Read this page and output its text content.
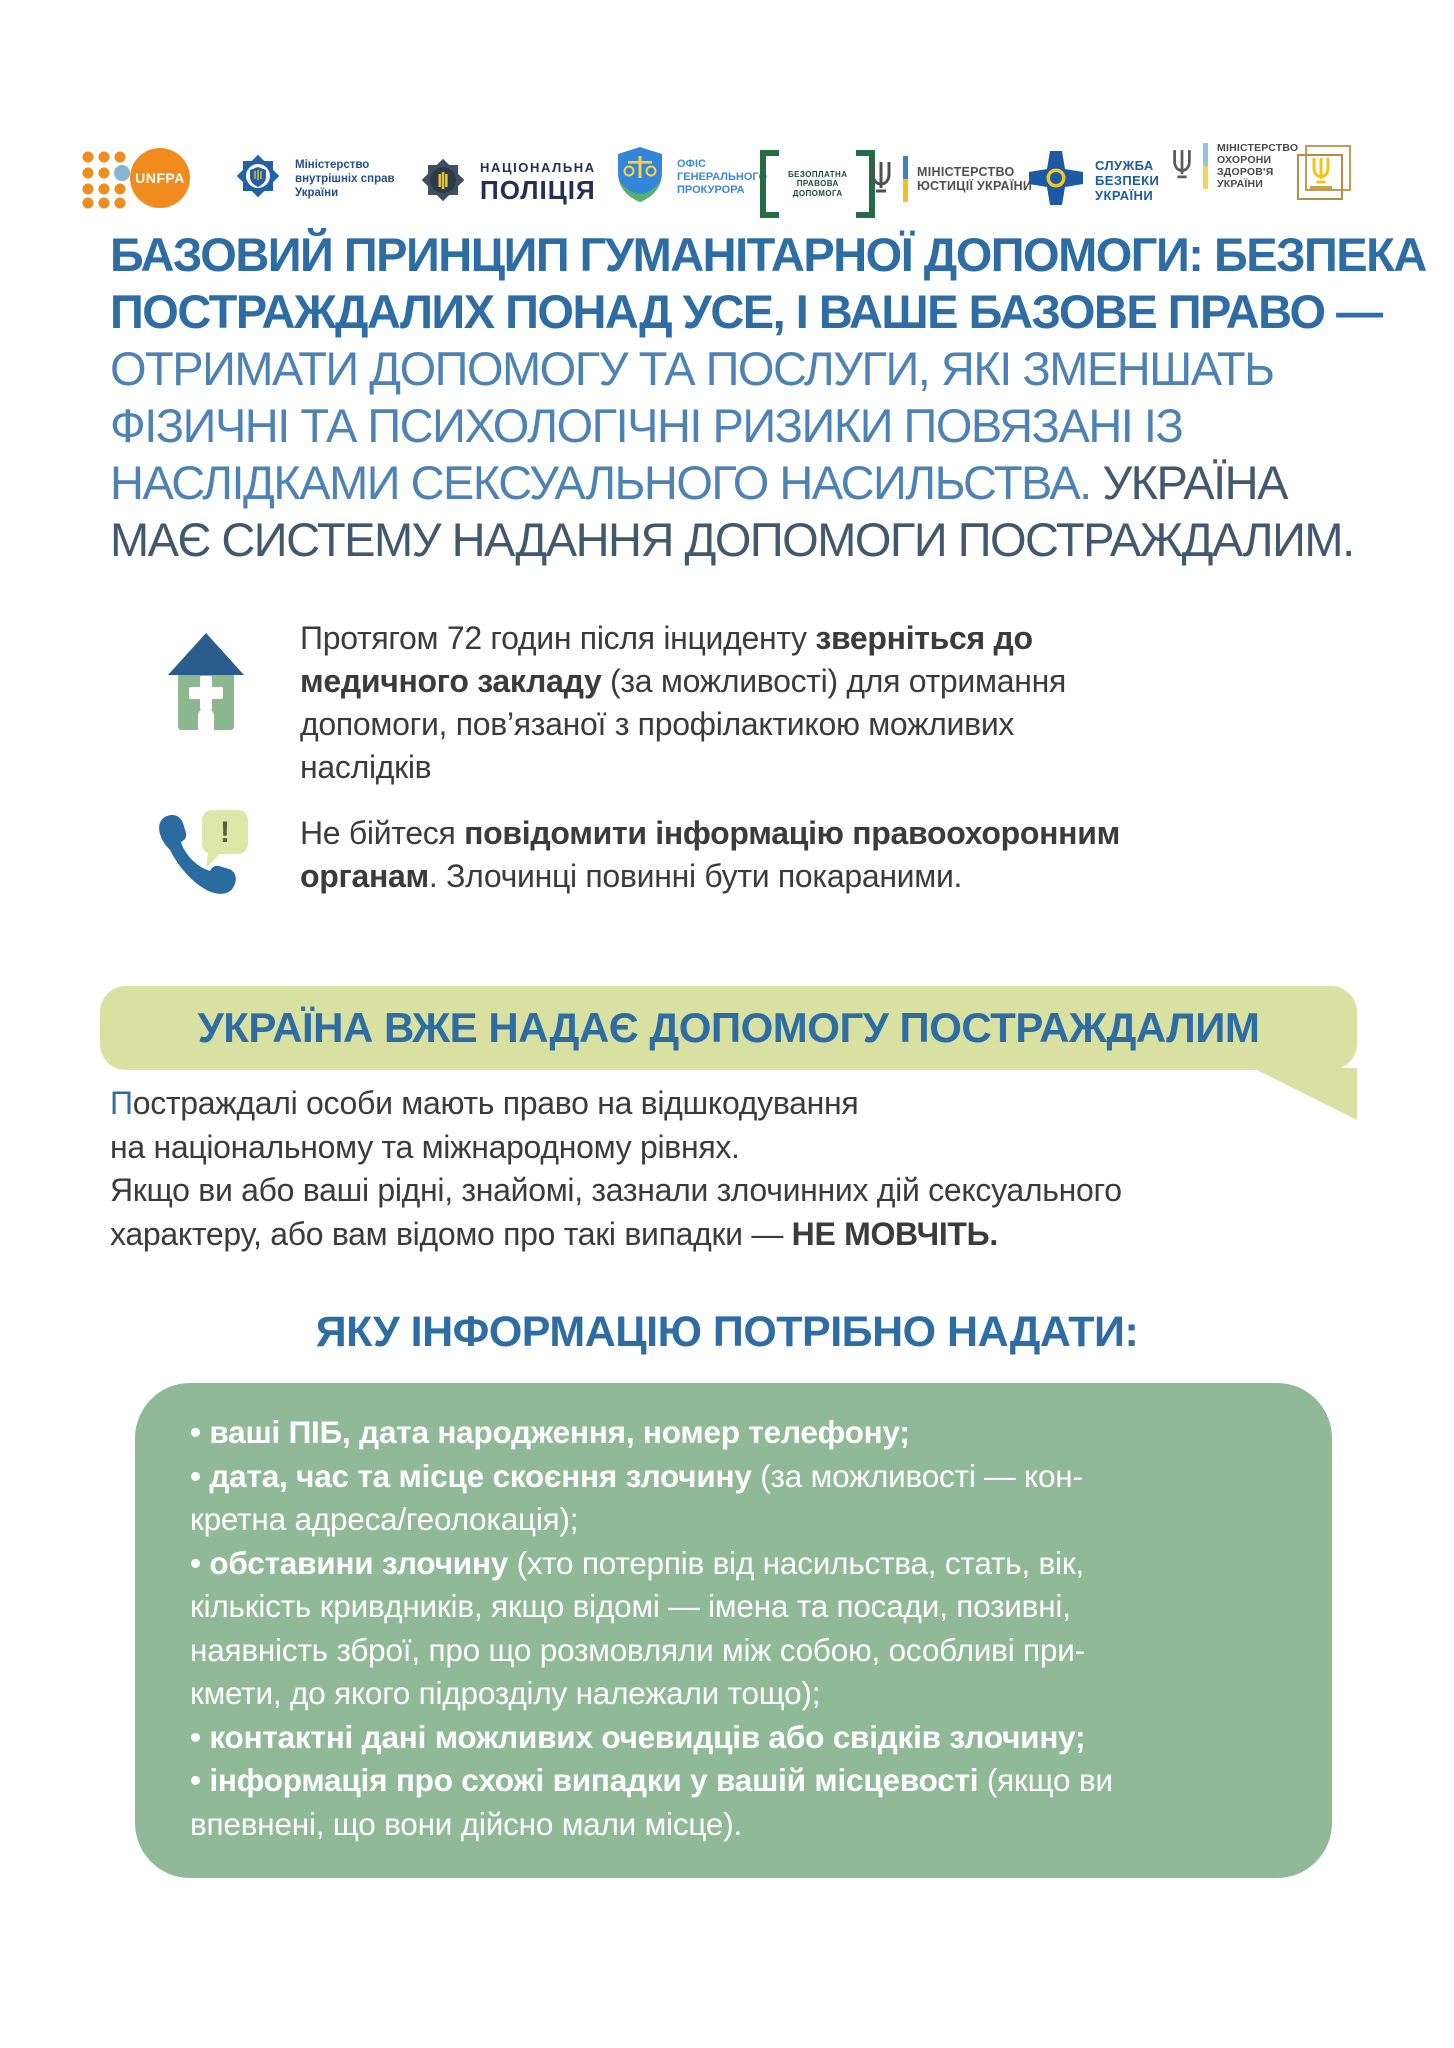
UNFPA
Міністерство
внутрішніх справ
України
НАЦІОНАЛЬНА
ПОЛІЦІЯ
ОФІС
ГЕНЕРАЛЬНОГО
ПРОКУРОРА
БЕЗОПЛАТНА
ПРАВОВА
ДОПОМОГА
МІНІСТЕРСТВО
ЮСТИЦІЇ УКРАЇНИ
СЛУЖБА
БЕЗПЕКИ
УКРАЇНИ
МІНІСТЕРСТВО
ОХОРОНИ
ЗДОРОВ'Я
УКРАЇНИ
БАЗОВИЙ ПРИНЦИП ГУМАНІТАРНОЇ ДОПОМОГИ: БЕЗПЕКА
ПОСТРАЖДАЛИХ ПОНАД УСЕ, І ВАШЕ БАЗОВЕ ПРАВО —
ОТРИМАТИ ДОПОМОГУ ТА ПОСЛУГИ, ЯКІ ЗМЕНШАТЬ
ФІЗИЧНІ ТА ПСИХОЛОГІЧНІ РИЗИКИ ПОВЯЗАНІ ІЗ
НАСЛІДКАМИ СЕКСУАЛЬНОГО НАСИЛЬСТВА. УКРАЇНА
МАЄ СИСТЕМУ НАДАННЯ ДОПОМОГИ ПОСТРАЖДАЛИМ.
Протягом 72 годин після інциденту зверніться до
медичного закладу (за можливості) для отримання
допомоги, пов’язаної з профілактикою можливих
наслідків
! Не бійтеся повідомити інформацію правоохоронним
органам. Злочинці повинні бути покараними.
УКРАЇНА ВЖЕ НАДАЄ ДОПОМОГУ ПОСТРАЖДАЛИМ
Постраждалі особи мають право на відшкодування
на національному та міжнародному рівнях.
Якщо ви або ваші рідні, знайомі, зазнали злочинних дій сексуального
характеру, або вам відомо про такі випадки — НЕ МОВЧІТЬ.
ЯКУ ІНФОРМАЦІЮ ПОТРІБНО НАДАТИ:
• ваші ПІБ, дата народження, номер телефону;
• дата, час та місце скоєння злочину (за можливості — кон-
кретна адреса/геолокація);
• обставини злочину (хто потерпів від насильства, стать, вік,
кількість кривдників, якщо відомі — імена та посади, позивні,
наявність зброї, про що розмовляли між собою, особливі при-
кмети, до якого підрозділу належали тощо);
• контактні дані можливих очевидців або свідків злочину;
• інформація про схожі випадки у вашій місцевості (якщо ви
впевнені, що вони дійсно мали місце).
